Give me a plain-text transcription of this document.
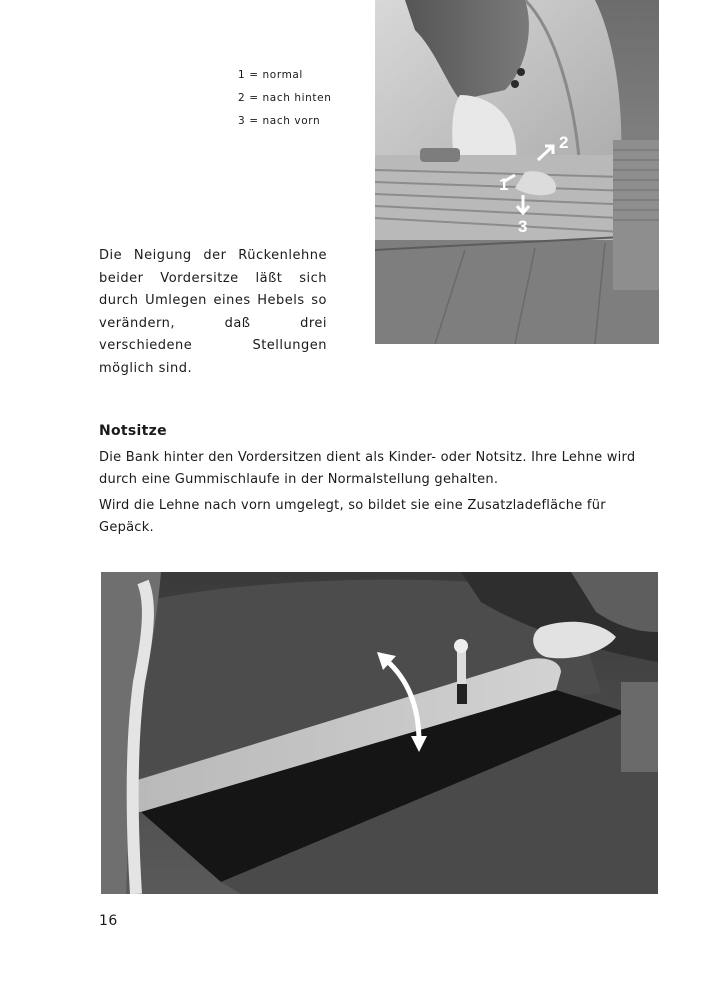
1 = normal
2 = nach hinten
3 = nach vorn
1
2
3
Die Neigung der Rückenlehne beider Vordersitze läßt sich durch Umlegen eines Hebels so verändern, daß drei verschiedene Stellungen möglich sind.
Notsitze

Die Bank hinter den Vordersitzen dient als Kinder- oder Notsitz. Ihre Lehne wird durch eine Gummischlaufe in der Normalstellung gehalten.

Wird die Lehne nach vorn umgelegt, so bildet sie eine Zusatzladefläche für Gepäck.

16
